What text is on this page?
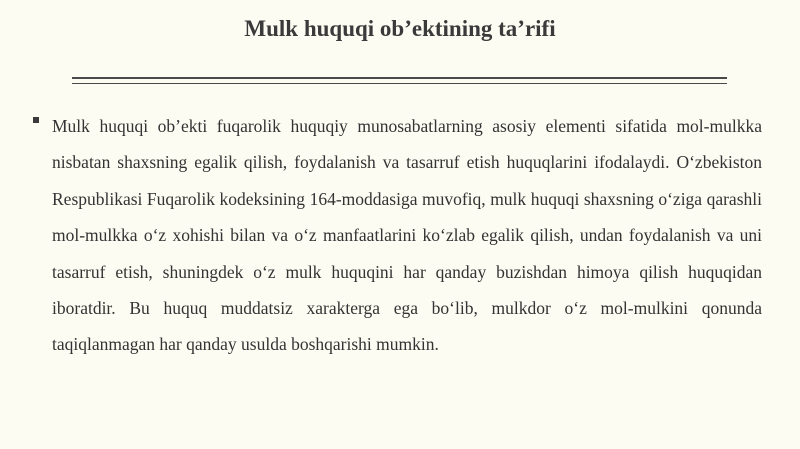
Mulk huquqi ob’ektining ta’rifi

Mulk huquqi ob’ekti fuqarolik huquqiy munosabatlarning asosiy elementi sifatida mol-mulkka nisbatan shaxsning egalik qilish, foydalanish va tasarruf etish huquqlarini ifodalaydi. O‘zbekiston Respublikasi Fuqarolik kodeksining 164-moddasiga muvofiq, mulk huquqi shaxsning o‘ziga qarashli mol-mulkka o‘z xohishi bilan va o‘z manfaatlarini ko‘zlab egalik qilish, undan foydalanish va uni tasarruf etish, shuningdek o‘z mulk huquqini har qanday buzishdan himoya qilish huquqidan iboratdir. Bu huquq muddatsiz xarakterga ega bo‘lib, mulkdor o‘z mol-mulkini qonunda taqiqlanmagan har qanday usulda boshqarishi mumkin.
